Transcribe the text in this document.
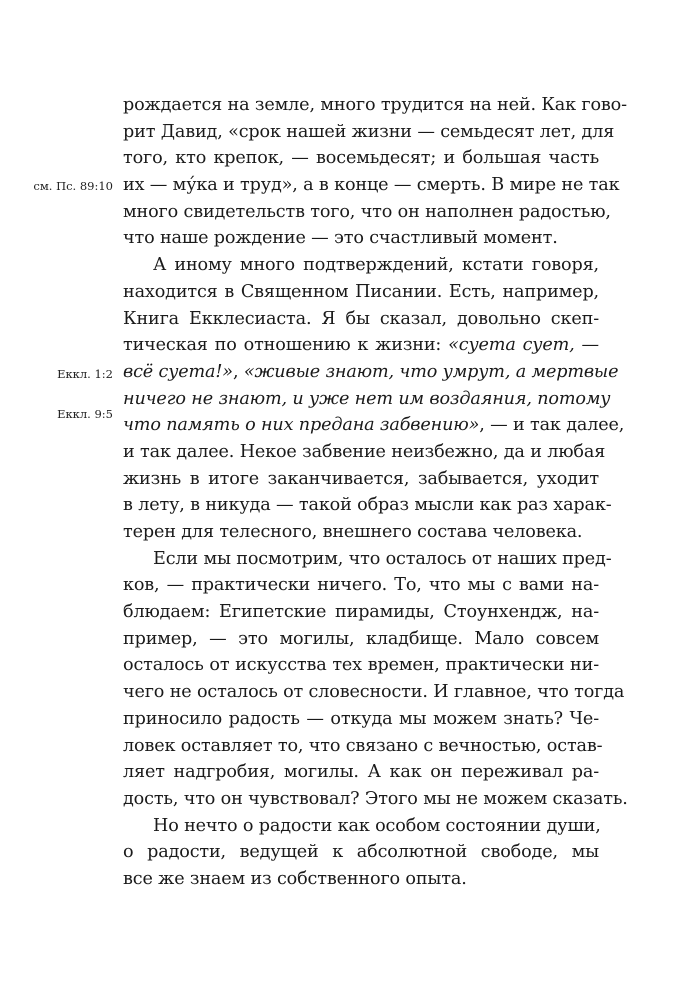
см. Пс. 89:10
Еккл. 1:2
Еккл. 9:5
рождается на земле, много трудится на ней. Как гово-
рит Давид, «срок нашей жизни — семьдесят лет, для
того, кто крепок, — восемьдесят; и большая часть
их — му́ка и труд», а в конце — смерть. В мире не так
много свидетельств того, что он наполнен радостью,
что наше рождение — это счастливый момент.
А иному много подтверждений, кстати говоря,
находится в Священном Писании. Есть, например,
Книга Екклесиаста. Я бы сказал, довольно скеп-
тическая по отношению к жизни: «суета сует, —
всё суета!», «живые знают, что умрут, а мертвые
ничего не знают, и уже нет им воздаяния, потому
что память о них предана забвению», — и так далее,
и так далее. Некое забвение неизбежно, да и любая
жизнь в итоге заканчивается, забывается, уходит
в лету, в никуда — такой образ мысли как раз харак-
терен для телесного, внешнего состава человека.
Если мы посмотрим, что осталось от наших пред-
ков, — практически ничего. То, что мы с вами на-
блюдаем: Египетские пирамиды, Стоунхендж, на-
пример, — это могилы, кладбище. Мало совсем
осталось от искусства тех времен, практически ни-
чего не осталось от словесности. И главное, что тогда
приносило радость — откуда мы можем знать? Че-
ловек оставляет то, что связано с вечностью, остав-
ляет надгробия, могилы. А как он переживал ра-
дость, что он чувствовал? Этого мы не можем сказать.
Но нечто о радости как особом состоянии души,
о радости, ведущей к абсолютной свободе, мы
все же знаем из собственного опыта.
